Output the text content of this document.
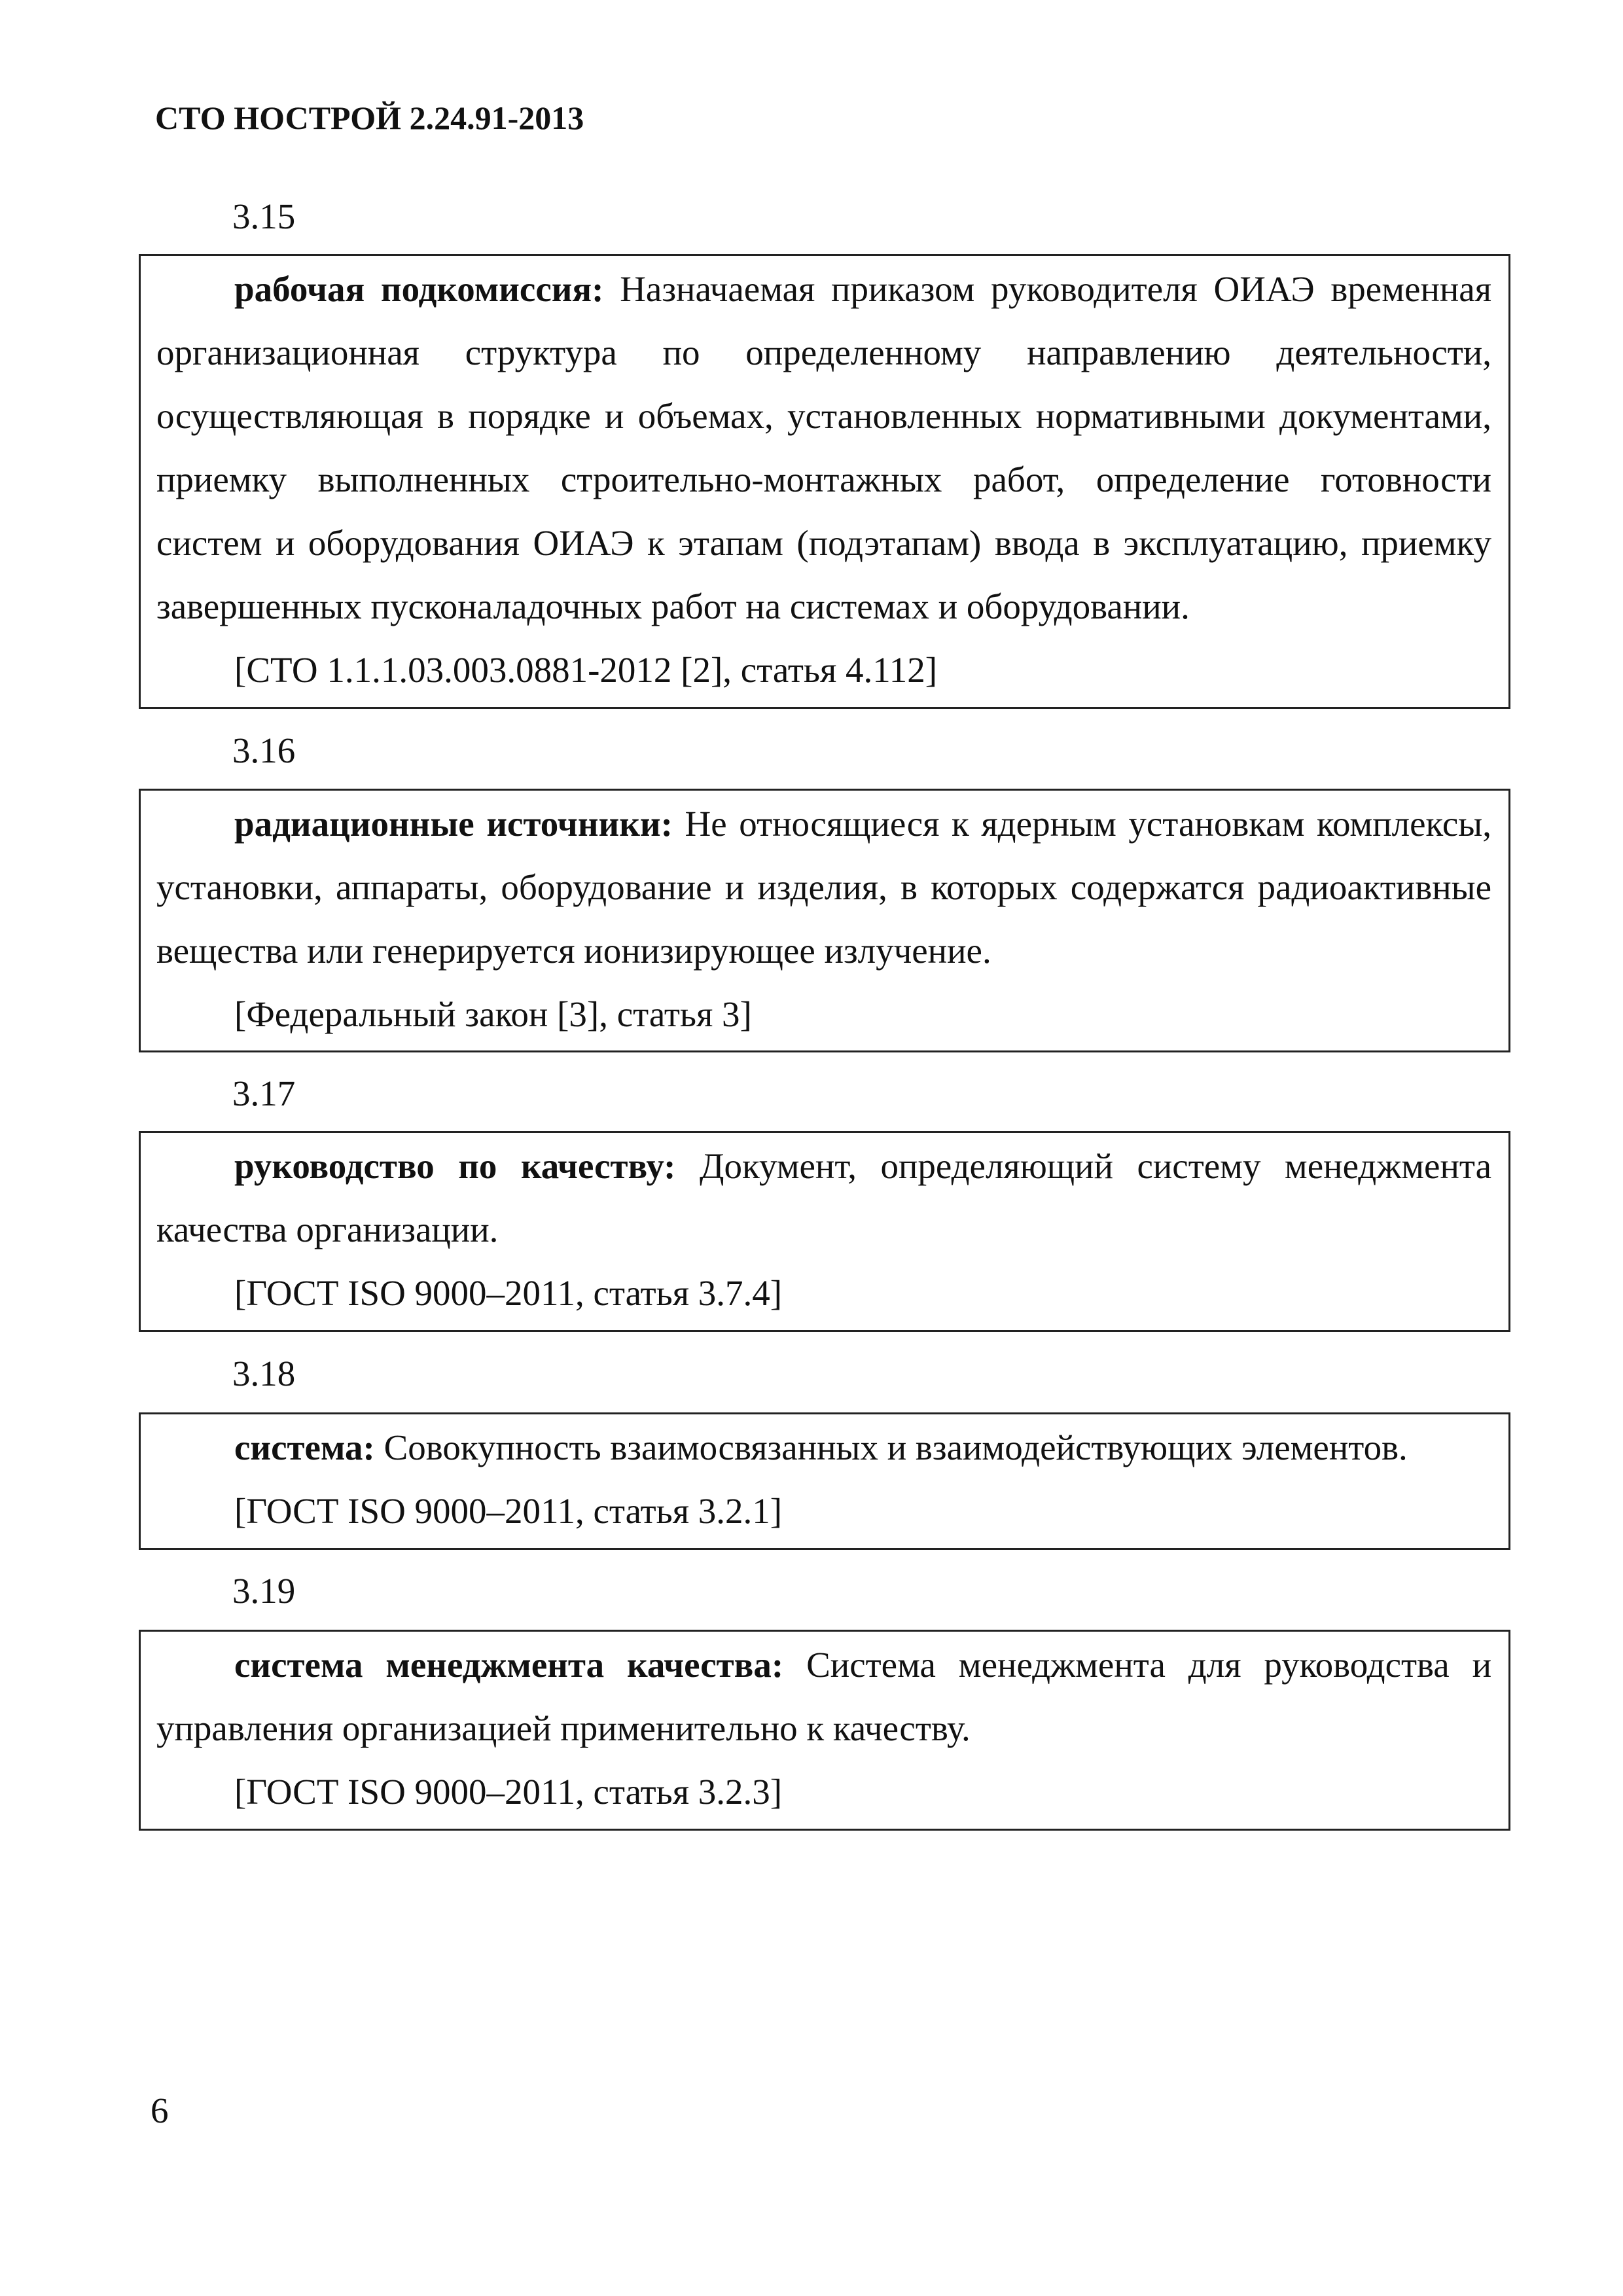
СТО НОСТРОЙ 2.24.91-2013

3.15

рабочая подкомиссия: Назначаемая приказом руководителя ОИАЭ временная организационная структура по определенному направлению деятельности, осуществляющая в порядке и объемах, установленных нормативными документами, приемку выполненных строительно-монтажных работ, определение готовности систем и оборудования ОИАЭ к этапам (подэтапам) ввода в эксплуатацию, приемку завершенных пусконаладочных работ на системах и оборудовании.

[СТО 1.1.1.03.003.0881-2012 [2], статья 4.112]

3.16

радиационные источники: Не относящиеся к ядерным установкам комплексы, установки, аппараты, оборудование и изделия, в которых содержатся радиоактивные вещества или генерируется ионизирующее излучение.

[Федеральный закон [3], статья 3]

3.17

руководство по качеству: Документ, определяющий систему менеджмента качества организации.

[ГОСТ ISO 9000–2011, статья 3.7.4]

3.18

система: Совокупность взаимосвязанных и взаимодействующих элементов.

[ГОСТ ISO 9000–2011, статья 3.2.1]

3.19

система менеджмента качества: Система менеджмента для руководства и управления организацией применительно к качеству.

[ГОСТ ISO 9000–2011, статья 3.2.3]

6
